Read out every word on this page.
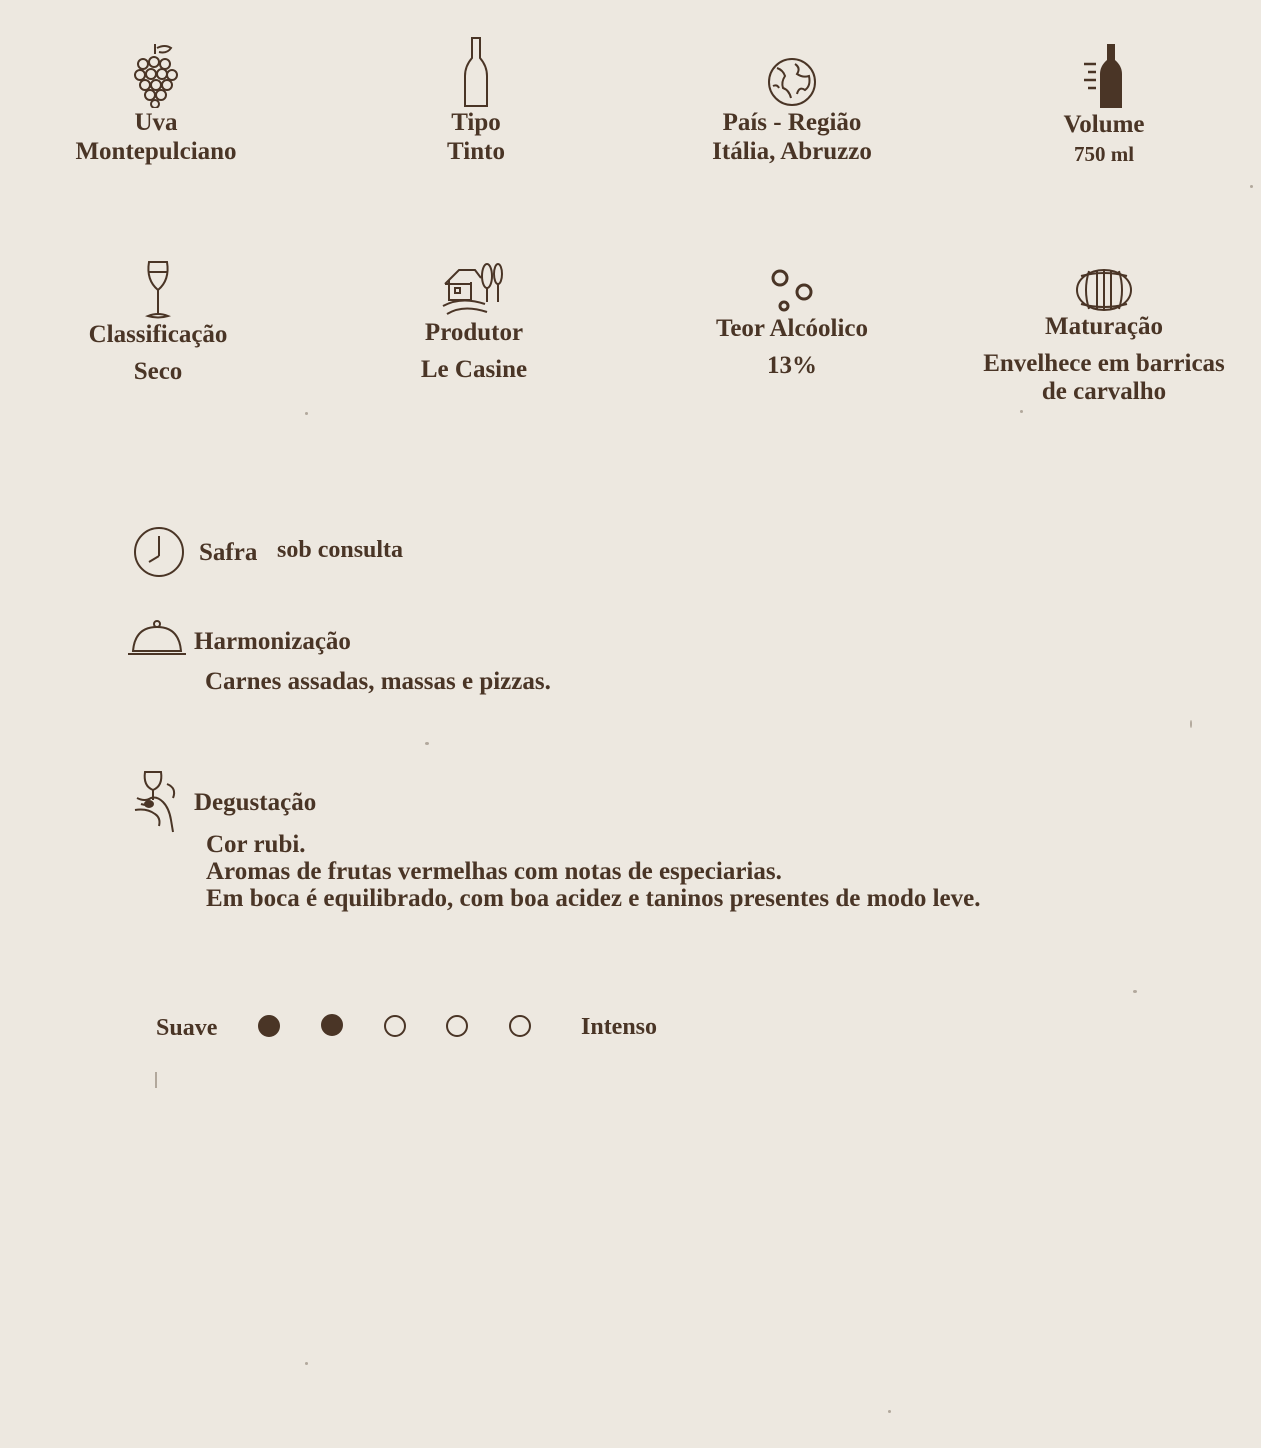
Uva
Montepulciano
Tipo
Tinto
País - Região
Itália, Abruzzo
Volume
750 ml
Classificação
Seco
Produtor
Le Casine
Teor Alcóolico
13%
Maturação
Envelhece em barricas
de carvalho
Safra sob consulta
Harmonização
Carnes assadas, massas e pizzas.
Degustação
Cor rubi.
Aromas de frutas vermelhas com notas de especiarias.
Em boca é equilibrado, com boa acidez e taninos presentes de modo leve.
Suave	Intenso
